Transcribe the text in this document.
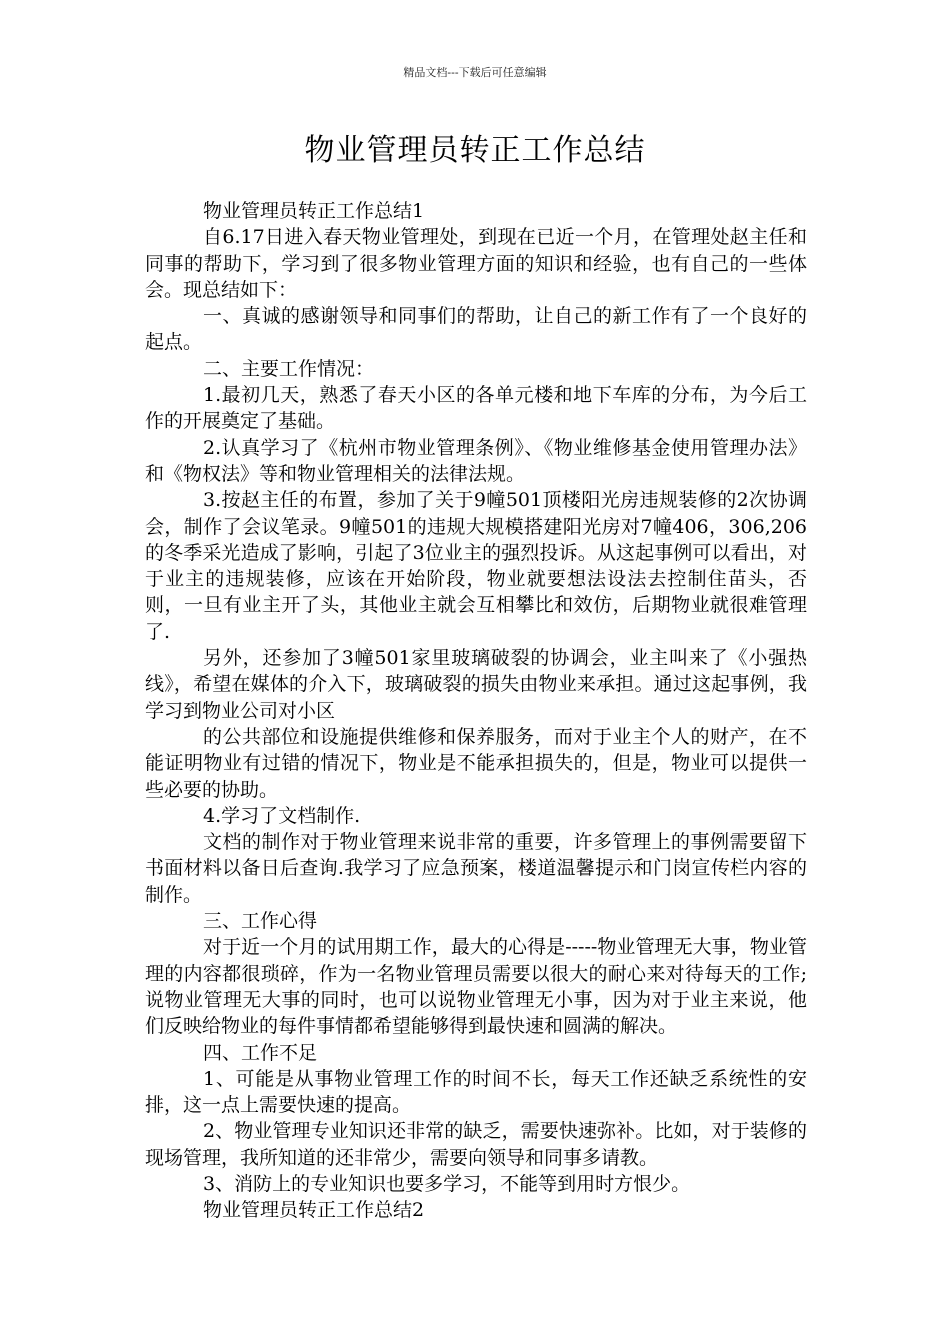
精品文档---下载后可任意编辑
物业管理员转正工作总结

物业管理员转正工作总结1

自6.17日进入春天物业管理处，到现在已近一个月，在管理处赵主任和同事的帮助下，学习到了很多物业管理方面的知识和经验，也有自己的一些体会。现总结如下：

一、真诚的感谢领导和同事们的帮助，让自己的新工作有了一个良好的起点。

二、主要工作情况：

1.最初几天，熟悉了春天小区的各单元楼和地下车库的分布，为今后工作的开展奠定了基础。

2.认真学习了《杭州市物业管理条例》、《物业维修基金使用管理办法》和《物权法》等和物业管理相关的法律法规。

3.按赵主任的布置，参加了关于9幢501顶楼阳光房违规装修的2次协调会，制作了会议笔录。9幢501的违规大规模搭建阳光房对7幢406，306,206的冬季采光造成了影响，引起了3位业主的强烈投诉。从这起事例可以看出，对于业主的违规装修，应该在开始阶段，物业就要想法设法去控制住苗头，否则，一旦有业主开了头，其他业主就会互相攀比和效仿，后期物业就很难管理了.

另外，还参加了3幢501家里玻璃破裂的协调会，业主叫来了《小强热线》，希望在媒体的介入下，玻璃破裂的损失由物业来承担。通过这起事例，我学习到物业公司对小区

的公共部位和设施提供维修和保养服务，而对于业主个人的财产，在不能证明物业有过错的情况下，物业是不能承担损失的，但是，物业可以提供一些必要的协助。

4.学习了文档制作.

文档的制作对于物业管理来说非常的重要，许多管理上的事例需要留下书面材料以备日后查询.我学习了应急预案，楼道温馨提示和门岗宣传栏内容的制作。

三、工作心得

对于近一个月的试用期工作，最大的心得是-----物业管理无大事，物业管理的内容都很琐碎，作为一名物业管理员需要以很大的耐心来对待每天的工作;说物业管理无大事的同时，也可以说物业管理无小事，因为对于业主来说，他们反映给物业的每件事情都希望能够得到最快速和圆满的解决。

四、工作不足

1、可能是从事物业管理工作的时间不长，每天工作还缺乏系统性的安排，这一点上需要快速的提高。

2、物业管理专业知识还非常的缺乏，需要快速弥补。比如，对于装修的现场管理，我所知道的还非常少，需要向领导和同事多请教。

3、消防上的专业知识也要多学习，不能等到用时方恨少。

物业管理员转正工作总结2
